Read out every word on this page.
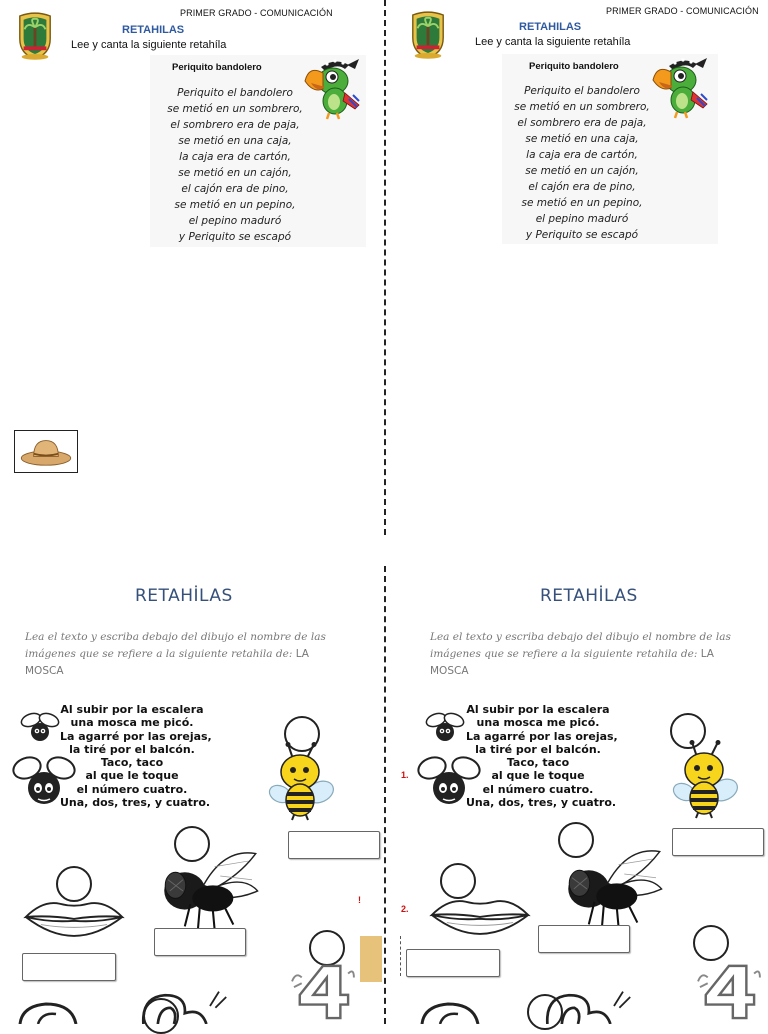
PRIMER GRADO - COMUNICACIÓN
RETAHILAS
Lee y canta la siguiente retahíla
Periquito bandolero
Periquito el bandolero
se metió en un sombrero,
el sombrero era de paja,
se metió en una caja,
la caja era de cartón,
se metió en un cajón,
el cajón era de pino,
se metió en un pepino,
el pepino maduró
y Periquito se escapó
PRIMER GRADO - COMUNICACIÓN
RETAHILAS
Lee y canta la siguiente retahíla
Periquito bandolero
Periquito el bandolero
se metió en un sombrero,
el sombrero era de paja,
se metió en una caja,
la caja era de cartón,
se metió en un cajón,
el cajón era de pino,
se metió en un pepino,
el pepino maduró
y Periquito se escapó
RETAHİLAS
Lea el texto y escriba debajo del dibujo el nombre de las
imágenes que se refiere a la siguiente retahila de: LA
MOSCA
Al subir por la escalera
una mosca me picó.
La agarré por las orejas,
la tiré por el balcón.
Taco, taco
al que le toque
el número cuatro.
Una, dos, tres, y cuatro.
!
RETAHİLAS
Lea el texto y escriba debajo del dibujo el nombre de las
imágenes que se refiere a la siguiente retahila de: LA
MOSCA
1.
2.
Al subir por la escalera
una mosca me picó.
La agarré por las orejas,
la tiré por el balcón.
Taco, taco
al que le toque
el número cuatro.
Una, dos, tres, y cuatro.
